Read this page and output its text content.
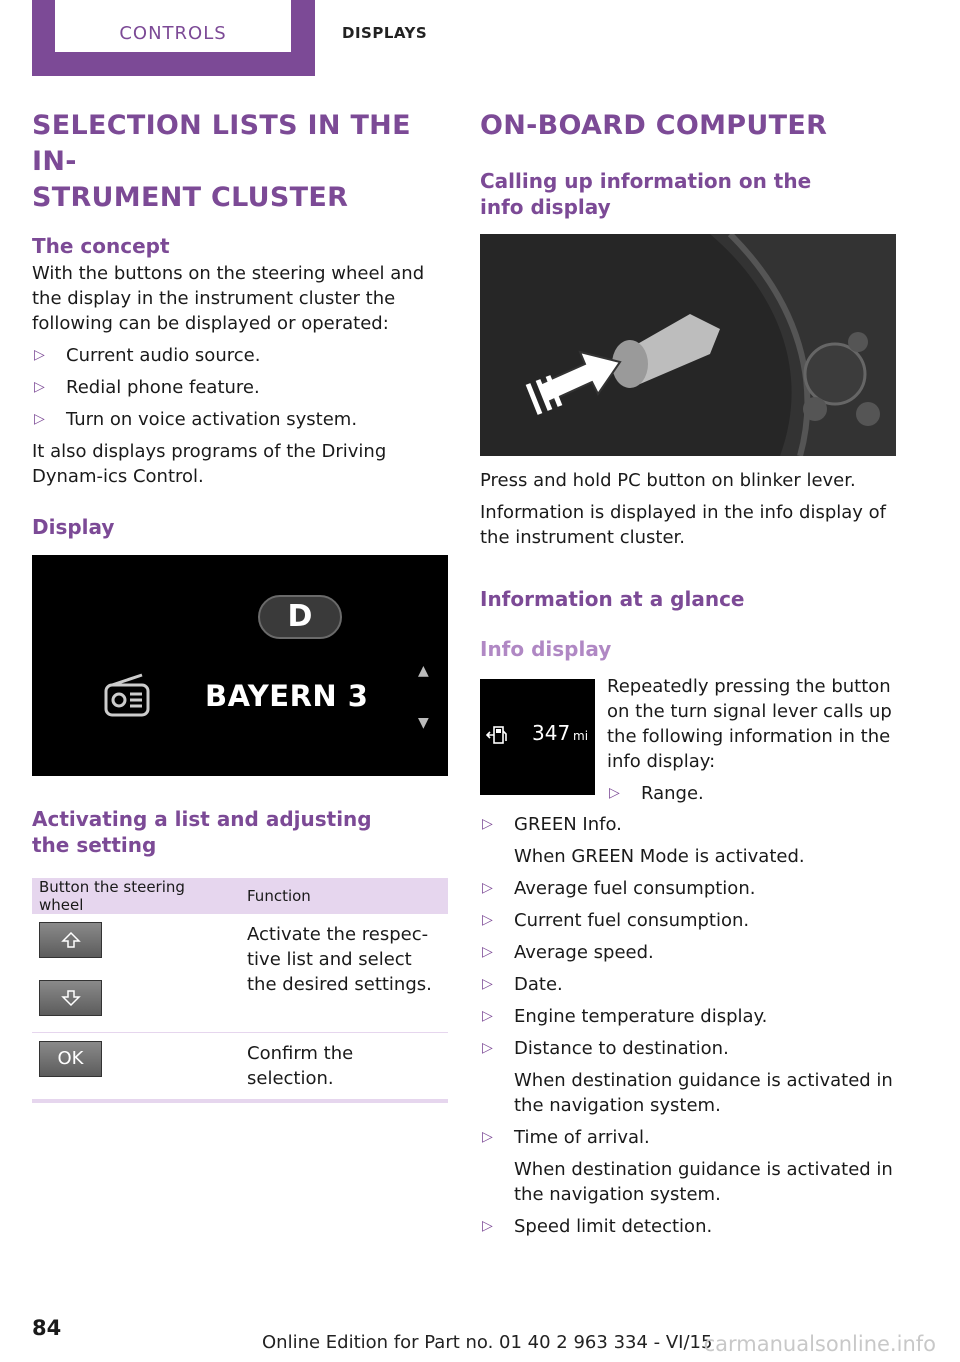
CONTROLS	DISPLAYS
SELECTION LISTS IN THE IN-
STRUMENT CLUSTER
The concept

With the buttons on the steering wheel and the display in the instrument cluster the following can be displayed or operated:

▷ Current audio source.
▷ Redial phone feature.
▷ Turn on voice activation system.

It also displays programs of the Driving Dynam-ics Control.

Display
D
BAYERN 3
▲
▼
Activating a list and adjusting the setting
Button the steering wheel	Function

	Activate the respec-tive list and select the desired settings.

OK	Confirm the selection.
ON-BOARD COMPUTER
Calling up information on the info display

Press and hold PC button on blinker lever.

Information is displayed in the info display of the instrument cluster.

Information at a glance
Info display
347 mi

Repeatedly pressing the button on the turn signal lever calls up the following information in the info display:

▷ Range.
▷ GREEN Info.
When GREEN Mode is activated.
▷ Average fuel consumption.
▷ Current fuel consumption.
▷ Average speed.
▷ Date.
▷ Engine temperature display.
▷ Distance to destination.
When destination guidance is activated in the navigation system.
▷ Time of arrival.
When destination guidance is activated in the navigation system.
▷ Speed limit detection.
84
Online Edition for Part no. 01 40 2 963 334 - VI/15
carmanualsonline.info
